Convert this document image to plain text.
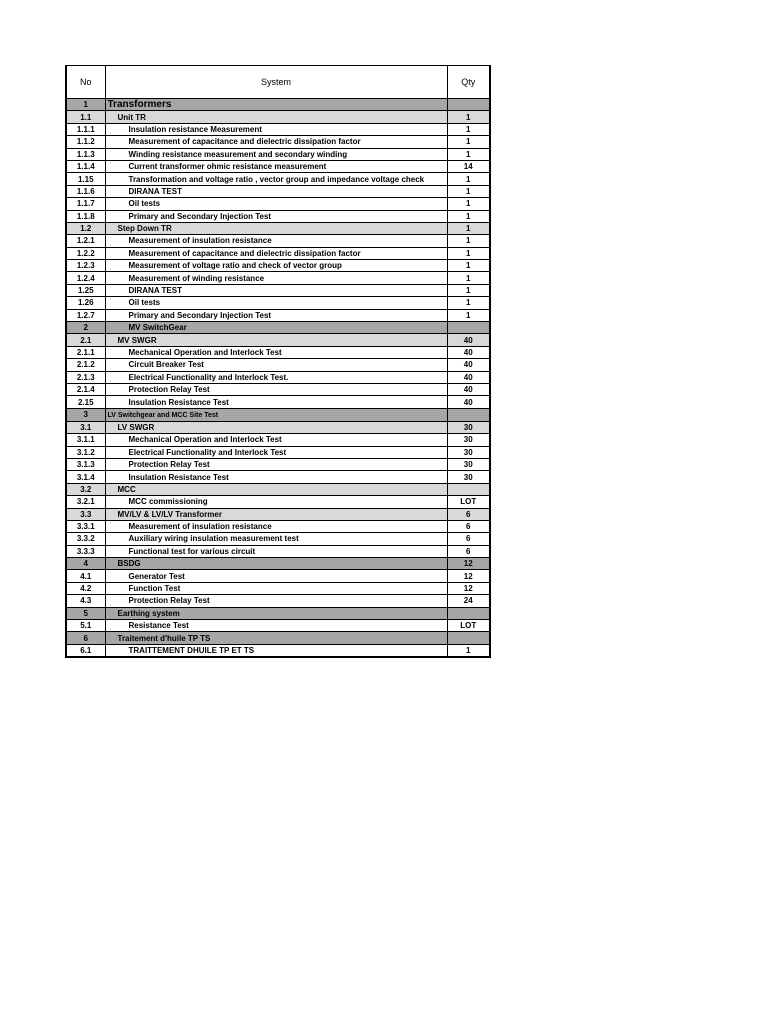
No	System	Qty
1	Transformers	
1.1	Unit TR	1
1.1.1	Insulation resistance Measurement	1
1.1.2	Measurement of capacitance and dielectric dissipation factor	1
1.1.3	Winding resistance measurement and secondary winding	1
1.1.4	Current transformer ohmic resistance measurement	14
1.15	Transformation and voltage ratio , vector group and impedance voltage check	1
1.1.6	DIRANA TEST	1
1.1.7	Oil tests	1
1.1.8	Primary and Secondary Injection Test	1
1.2	Step Down TR	1
1.2.1	Measurement of insulation resistance	1
1.2.2	Measurement of capacitance and dielectric dissipation factor	1
1.2.3	Measurement of voltage ratio and check of vector group	1
1.2.4	Measurement of winding resistance	1
1.25	DIRANA TEST	1
1.26	Oil tests	1
1.2.7	Primary and Secondary Injection Test	1
2	MV SwitchGear	
2.1	MV SWGR	40
2.1.1	Mechanical Operation and Interlock Test	40
2.1.2	Circuit Breaker Test	40
2.1.3	Electrical Functionality and Interlock Test.	40
2.1.4	Protection Relay Test	40
2.15	Insulation Resistance Test	40
3	LV Switchgear and MCC Site Test	
3.1	LV SWGR	30
3.1.1	Mechanical Operation and Interlock Test	30
3.1.2	Electrical Functionality and Interlock Test	30
3.1.3	Protection Relay Test	30
3.1.4	Insulation Resistance Test	30
3.2	MCC	
3.2.1	MCC commissioning	LOT
3.3	MV/LV & LV/LV Transformer	6
3.3.1	Measurement of insulation resistance	6
3.3.2	Auxiliary wiring insulation measurement test	6
3.3.3	Functional test for various circuit	6
4	BSDG	12
4.1	Generator Test	12
4.2	Function Test	12
4.3	Protection Relay Test	24
5	Earthing system	
5.1	Resistance Test	LOT
6	Traitement d'huile TP TS	
6.1	TRAITTEMENT DHUILE TP ET TS	1
